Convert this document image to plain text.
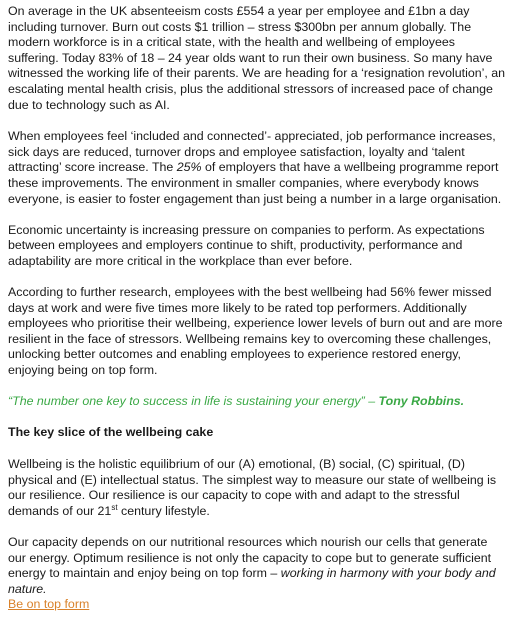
On average in the UK absenteeism costs £554 a year per employee and £1bn a day including turnover. Burn out costs $1 trillion – stress $300bn per annum globally. The modern workforce is in a critical state, with the health and wellbeing of employees suffering. Today 83% of 18 – 24 year olds want to run their own business. So many have witnessed the working life of their parents. We are heading for a ‘resignation revolution’, an escalating mental health crisis, plus the additional stressors of increased pace of change due to technology such as AI.

When employees feel ‘included and connected’- appreciated, job performance increases, sick days are reduced, turnover drops and employee satisfaction, loyalty and ‘talent attracting’ score increase. The 25% of employers that have a wellbeing programme report these improvements. The environment in smaller companies, where everybody knows everyone, is easier to foster engagement than just being a number in a large organisation.

Economic uncertainty is increasing pressure on companies to perform. As expectations between employees and employers continue to shift, productivity, performance and adaptability are more critical in the workplace than ever before.

According to further research, employees with the best wellbeing had 56% fewer missed days at work and were five times more likely to be rated top performers. Additionally employees who prioritise their wellbeing, experience lower levels of burn out and are more resilient in the face of stressors. Wellbeing remains key to overcoming these challenges, unlocking better outcomes and enabling employees to experience restored energy, enjoying being on top form.

“The number one key to success in life is sustaining your energy” – Tony Robbins.

The key slice of the wellbeing cake

Wellbeing is the holistic equilibrium of our (A) emotional, (B) social, (C) spiritual, (D) physical and (E) intellectual status. The simplest way to measure our state of wellbeing is our resilience. Our resilience is our capacity to cope with and adapt to the stressful demands of our 21st century lifestyle.

Our capacity depends on our nutritional resources which nourish our cells that generate our energy. Optimum resilience is not only the capacity to cope but to generate sufficient energy to maintain and enjoy being on top form – working in harmony with your body and nature.

Be on top form
